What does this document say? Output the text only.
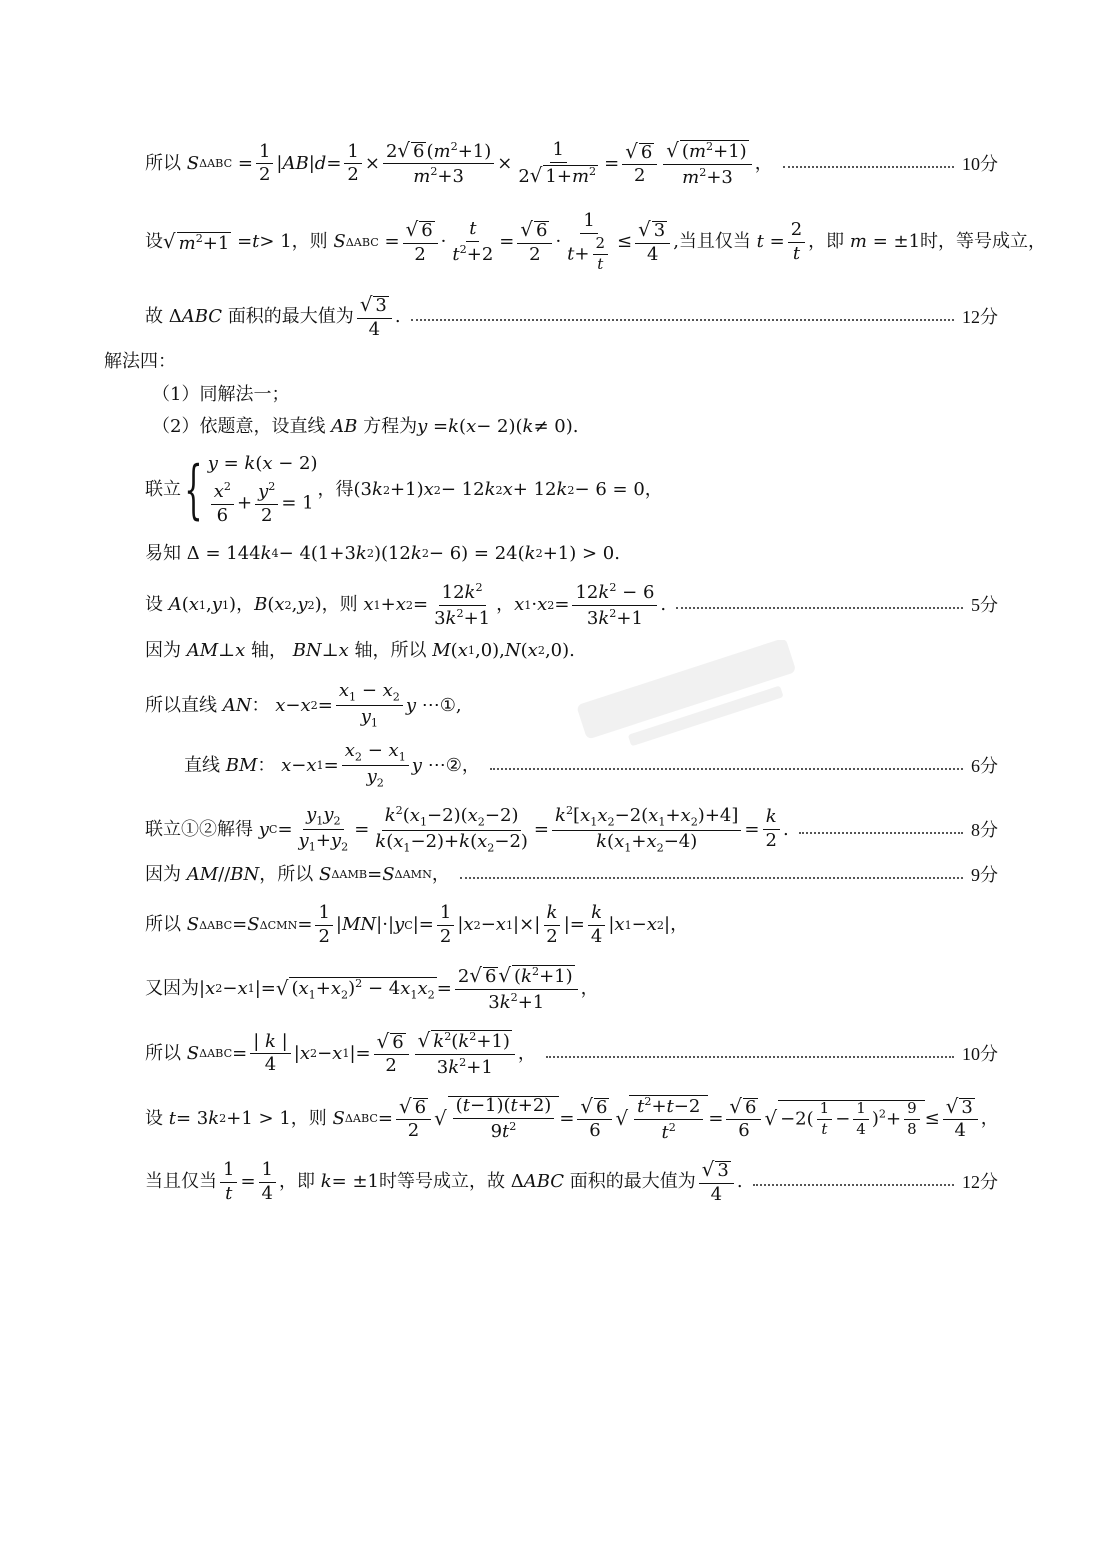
所以 S ΔABC =
1
2
| AB | d =
1
2
×
2√ 6 $(m^2+1)$
$m^2+3$
×
1
2√ $1+m^2$ =
√ 6
2
√ $(m^2+1)$
$m^2+3$
，	10分
设 √ $m^2+1 = t > 1$ ，则 S ΔABC =
√ 6
2
·
t
$t^2+2$
=
√ 6
2
·
1
$t+ \frac{2}{t}$ ≤
√ 3
4
,当且仅当 t =
2
t
，即 m = ±1 时，等号成立，
故 ΔABC 面积的最大值为
√ 3
4
.	12分
解法四：
（1）同解法一；
（2）依题意，设直线 AB 方程为 y = k ( x − 2)( k ≠ 0).
联立 { y = k(x − 2)
$\frac{x^2}{6} + \frac{y^2}{2} = 1$
，得 (3 k 2 +1) x 2 − 12 k 2 x + 12 k 2 − 6 = 0，
易知 Δ = 144 k 4 − 4(1+3 k 2 )(12 k 2 − 6) = 24( k 2 +1) > 0.
设 A ( x 1 , y 1 ) ， B ( x 2 , y 2 ) ，则 x 1 + x 2 =
$12k^2$
$3k^2+1$
， x 1 · x 2 =
$12k^2 - 6$
$3k^2+1$
.	5分
因为 AM ⊥ x
轴， BN ⊥ x
轴，所以 M ( x 1 ,0), N ( x 2 ,0).
所以直线 AN ： x − x 2 =
$x_1 - x_2$
$y_1$
y ⋯①,
直线 BM ： x − x 1 =
$x_2 - x_1$
$y_2$
y ⋯②，	6分
联立①②解得 y C =
$y_1y_2$
$y_1+y_2$
=
$k^2(x_1-2)(x_2-2)$
$k(x_1-2)+k(x_2-2)$
=
$k^2[x_1x_2-2(x_1+x_2)+4]$
$k(x_1+x_2-4)$
=
k
2
.	8分
因为 AM // BN ，所以 S ΔAMB = S ΔAMN ，	9分
所以 S ΔABC = S ΔCMN =
1
2
| MN |·| y C |=
1
2
| x 2 − x 1 |×|
k
2
|=
k
4
| x 1 − x 2 |，
又因为 | x 2 − x 1 |= √ $(x_1+x_2)^2 - 4x_1x_2$ =
2√ 6 √ $(k^2+1)$
$3k^2+1$
，
所以 S ΔABC =
| k |
4
| x 2 − x 1 |=
√ 6
2
√ $k^2(k^2+1)$
$3k^2+1$
，	10分
设 t = 3 k 2 +1 > 1 ，则 S ΔABC =
√ 6
2
√ $\frac{(t-1)(t+2)}{9t^2}$ =
√ 6
6
√ $\frac{t^2+t-2}{t^2}$ =
√ 6
6
√ $-2( \frac{1}{t} - \frac{1}{4} )^2+ \frac{9}{8}$ ≤
√ 3
4
，
当且仅当
1
t
=
1
4
，即 k = ±1 时等号成立，故 ΔABC 面积的最大值为
√ 3
4
.	12分
